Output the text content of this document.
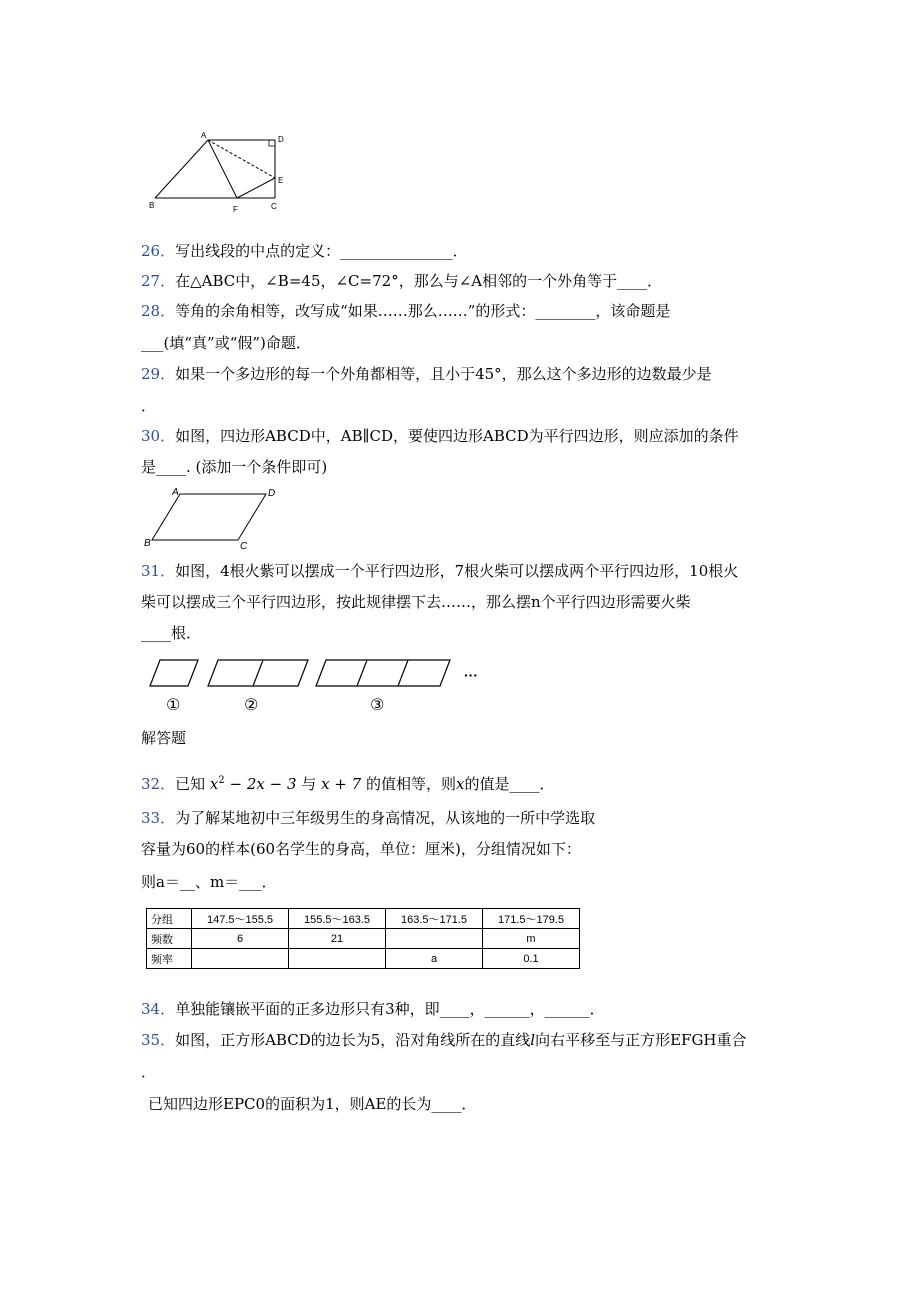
A	D
E
B	F	C
26．写出线段的中点的定义：_______________．
27．在△ABC中，∠B=45，∠C=72°，那么与∠A相邻的一个外角等于____．
28．等角的余角相等，改写成“如果……那么……”的形式：________，该命题是
___(填“真”或“假”)命题．
29．如果一个多边形的每一个外角都相等，且小于45°，那么这个多边形的边数最少是
．
30．如图，四边形ABCD中，AB∥CD，要使四边形ABCD为平行四边形，则应添加的条件
是____. (添加一个条件即可)
A	D
B	C
31．如图，4根火紫可以摆成一个平行四边形，7根火柴可以摆成两个平行四边形，10根火
柴可以摆成三个平行四边形，按此规律摆下去……，那么摆n个平行四边形需要火柴
____根．
①	②	③
···
解答题
32．已知 $x^2 - 2x - 3$ 与 x + 7 的值相等，则x的值是____．
33．为了解某地初中三年级男生的身高情况，从该地的一所中学选取
容量为60的样本(60名学生的身高，单位：厘米)，分组情况如下：
则a＝__、m＝___．
分组	147.5～155.5	155.5～163.5	163.5～171.5	171.5～179.5
频数	6	21		m
频率			a	0.1
34．单独能镶嵌平面的正多边形只有3种，即____，______，______．
35．如图，正方形ABCD的边长为5，沿对角线所在的直线l向右平移至与正方形EFGH重合
．
已知四边形EPC0的面积为1，则AE的长为____．
